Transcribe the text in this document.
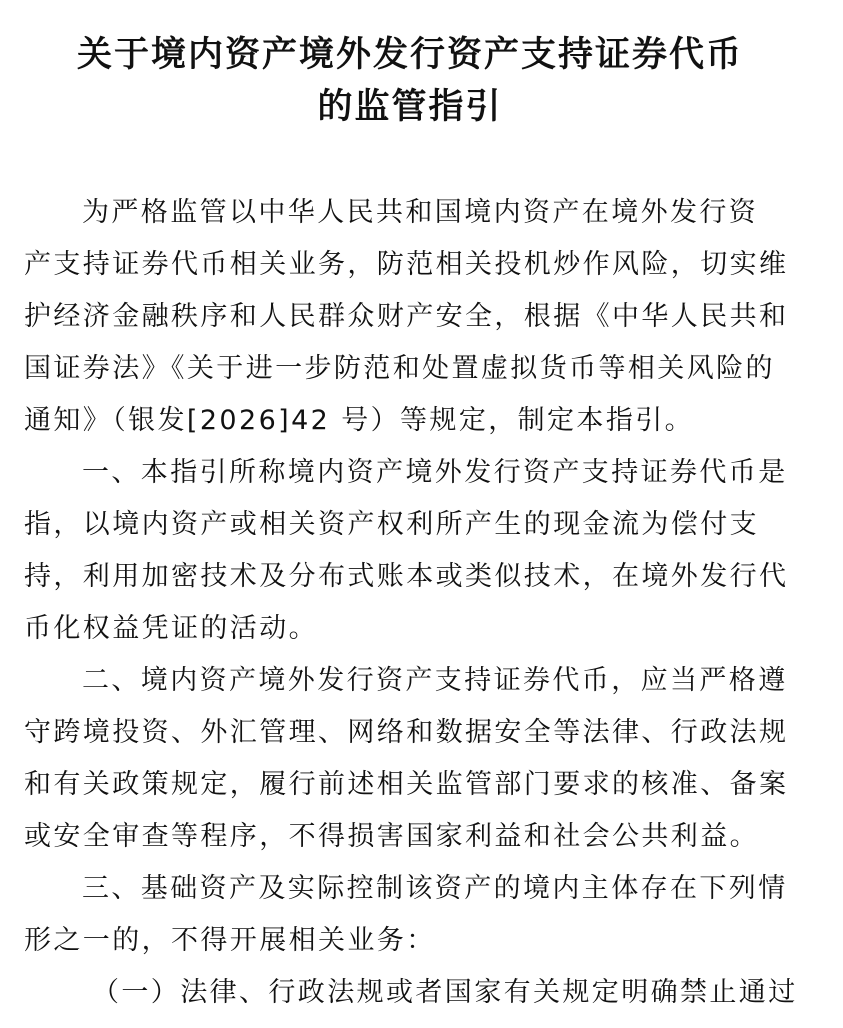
关于境内资产境外发行资产支持证券代币
的监管指引

为严格监管以中华人民共和国境内资产在境外发行资

产支持证券代币相关业务，防范相关投机炒作风险，切实维

护经济金融秩序和人民群众财产安全，根据《中华人民共和

国证券法》《关于进一步防范和处置虚拟货币等相关风险的

通知》（银发[2026]42 号）等规定，制定本指引。

一、本指引所称境内资产境外发行资产支持证券代币是

指，以境内资产或相关资产权利所产生的现金流为偿付支

持，利用加密技术及分布式账本或类似技术，在境外发行代

币化权益凭证的活动。

二、境内资产境外发行资产支持证券代币，应当严格遵

守跨境投资、外汇管理、网络和数据安全等法律、行政法规

和有关政策规定，履行前述相关监管部门要求的核准、备案

或安全审查等程序，不得损害国家利益和社会公共利益。

三、基础资产及实际控制该资产的境内主体存在下列情

形之一的，不得开展相关业务：

（一）法律、行政法规或者国家有关规定明确禁止通过
